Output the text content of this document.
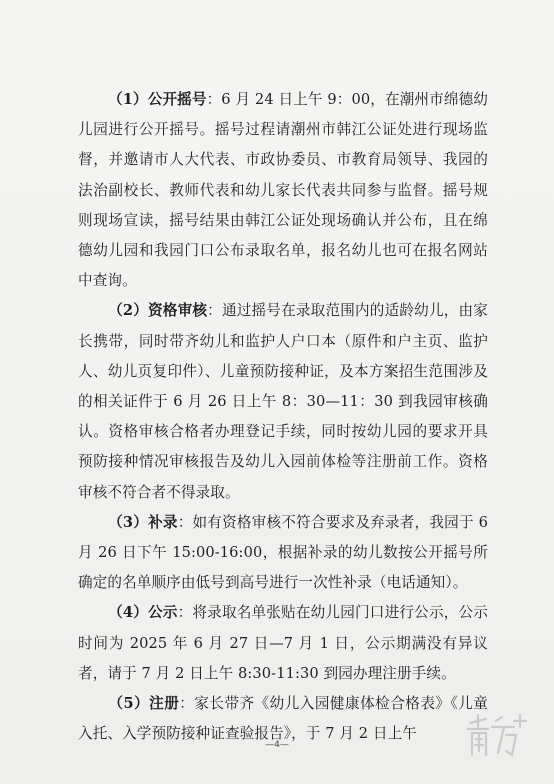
（1）公开摇号：6 月 24 日上午 9：00，在潮州市绵德幼儿园进行公开摇号。摇号过程请潮州市韩江公证处进行现场监督，并邀请市人大代表、市政协委员、市教育局领导、我园的法治副校长、教师代表和幼儿家长代表共同参与监督。摇号规则现场宣读，摇号结果由韩江公证处现场确认并公布，且在绵德幼儿园和我园门口公布录取名单，报名幼儿也可在报名网站中查询。

（2）资格审核：通过摇号在录取范围内的适龄幼儿，由家长携带，同时带齐幼儿和监护人户口本（原件和户主页、监护人、幼儿页复印件）、儿童预防接种证，及本方案招生范围涉及的相关证件于 6 月 26 日上午 8：30—11：30 到我园审核确认。资格审核合格者办理登记手续，同时按幼儿园的要求开具预防接种情况审核报告及幼儿入园前体检等注册前工作。资格审核不符合者不得录取。

（3）补录：如有资格审核不符合要求及弃录者，我园于 6 月 26 日下午 15:00-16:00，根据补录的幼儿数按公开摇号所确定的名单顺序由低号到高号进行一次性补录（电话通知）。

（4）公示：将录取名单张贴在幼儿园门口进行公示，公示时间为 2025 年 6 月 27 日—7 月 1 日，公示期满没有异议者，请于 7 月 2 日上午 8:30-11:30 到园办理注册手续。

（5）注册：家长带齐《幼儿入园健康体检合格表》《儿童入托、入学预防接种证查验报告》，于 7 月 2 日上午

—4—
